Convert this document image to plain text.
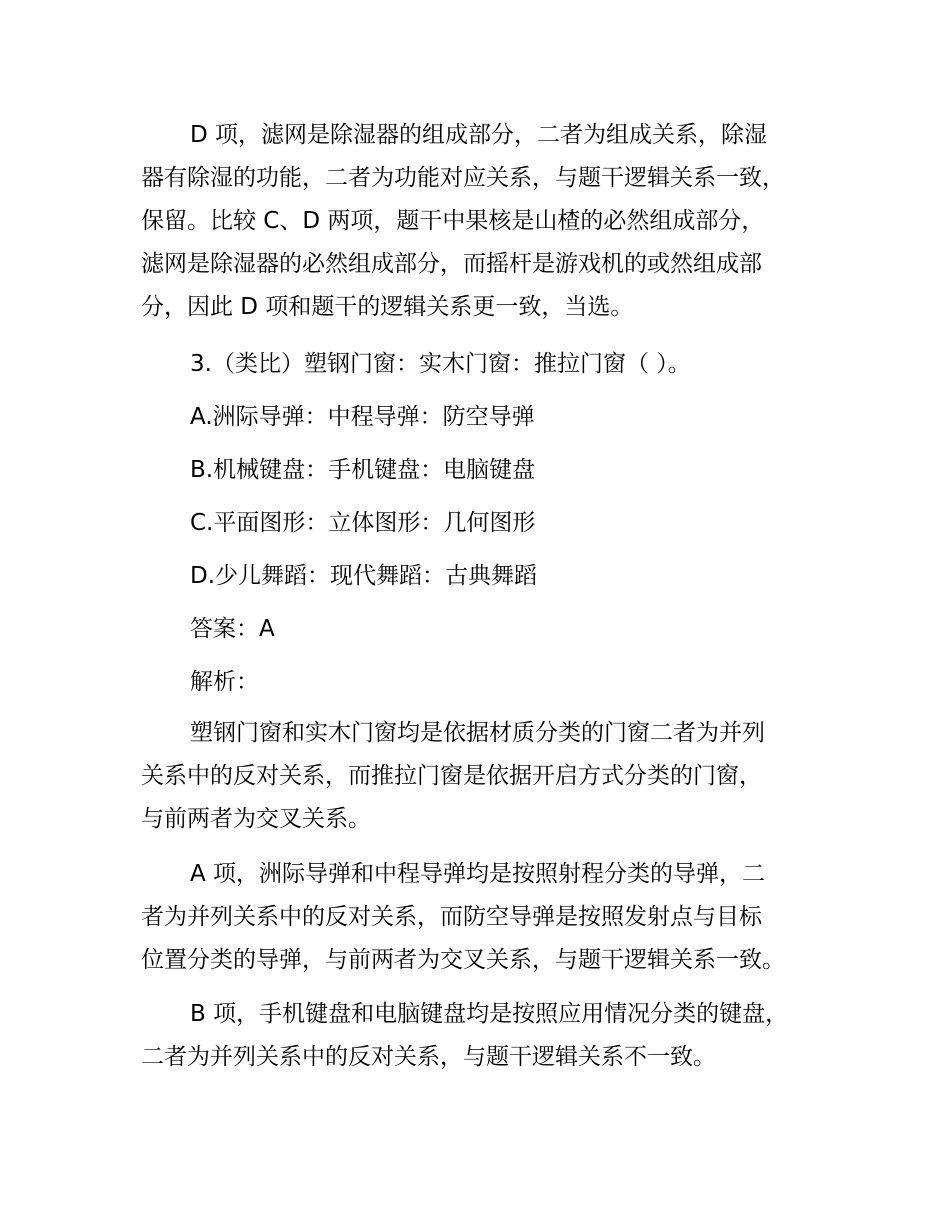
D 项，滤网是除湿器的组成部分，二者为组成关系，除湿
器有除湿的功能，二者为功能对应关系，与题干逻辑关系一致，
保留。比较 C、D 两项，题干中果核是山楂的必然组成部分，
滤网是除湿器的必然组成部分，而摇杆是游戏机的或然组成部
分，因此 D 项和题干的逻辑关系更一致，当选。
3.（类比）塑钢门窗：实木门窗：推拉门窗（ ）。
A.洲际导弹：中程导弹：防空导弹
B.机械键盘：手机键盘：电脑键盘
C.平面图形：立体图形：几何图形
D.少儿舞蹈：现代舞蹈：古典舞蹈
答案：A
解析：
塑钢门窗和实木门窗均是依据材质分类的门窗二者为并列
关系中的反对关系，而推拉门窗是依据开启方式分类的门窗，
与前两者为交叉关系。
A 项，洲际导弹和中程导弹均是按照射程分类的导弹，二
者为并列关系中的反对关系，而防空导弹是按照发射点与目标
位置分类的导弹，与前两者为交叉关系，与题干逻辑关系一致。
B 项，手机键盘和电脑键盘均是按照应用情况分类的键盘，
二者为并列关系中的反对关系，与题干逻辑关系不一致。
